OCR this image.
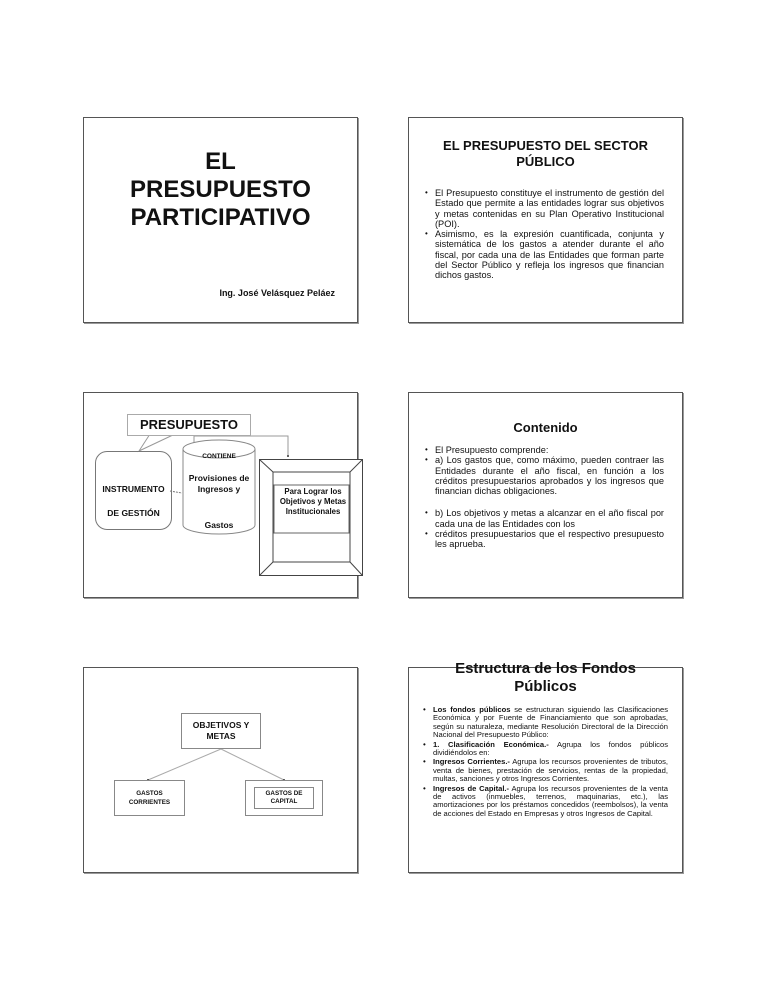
EL
PRESUPUESTO
PARTICIPATIVO
Ing. José Velásquez Peláez
EL PRESUPUESTO DEL SECTOR
PÚBLICO
• El Presupuesto constituye el instrumento de gestión del Estado que permite a las entidades lograr sus objetivos y metas contenidas en su Plan Operativo Institucional (POI).
• Asimismo, es la expresión cuantificada, conjunta y sistemática de los gastos a atender durante el año fiscal, por cada una de las Entidades que forman parte del Sector Público y refleja los ingresos que financian dichos gastos.
PRESUPUESTO
INSTRUMENTO
DE GESTIÓN
CONTIENE
Provisiones de Ingresos y
Gastos
Para Lograr los Objetivos y Metas Institucionales
Contenido
• El Presupuesto comprende:
• a) Los gastos que, como máximo, pueden contraer las Entidades durante el año fiscal, en función a los créditos presupuestarios aprobados y los ingresos que financian dichas obligaciones.
• b) Los objetivos y metas a alcanzar en el año fiscal por cada una de las Entidades con los
• créditos presupuestarios que el respectivo presupuesto les aprueba.
OBJETIVOS Y METAS
GASTOS CORRIENTES
GASTOS DE CAPITAL
Estructura de los Fondos
Públicos
• Los fondos públicos se estructuran siguiendo las Clasificaciones Económica y por Fuente de Financiamiento que son aprobadas, según su naturaleza, mediante Resolución Directoral de la Dirección Nacional del Presupuesto Público:
• 1. Clasificación Económica.- Agrupa los fondos públicos dividiéndolos en:
• Ingresos Corrientes.- Agrupa los recursos provenientes de tributos, venta de bienes, prestación de servicios, rentas de la propiedad, multas, sanciones y otros Ingresos Corrientes.
• Ingresos de Capital.- Agrupa los recursos provenientes de la venta de activos (inmuebles, terrenos, maquinarias, etc.), las amortizaciones por los préstamos concedidos (reembolsos), la venta de acciones del Estado en Empresas y otros Ingresos de Capital.
